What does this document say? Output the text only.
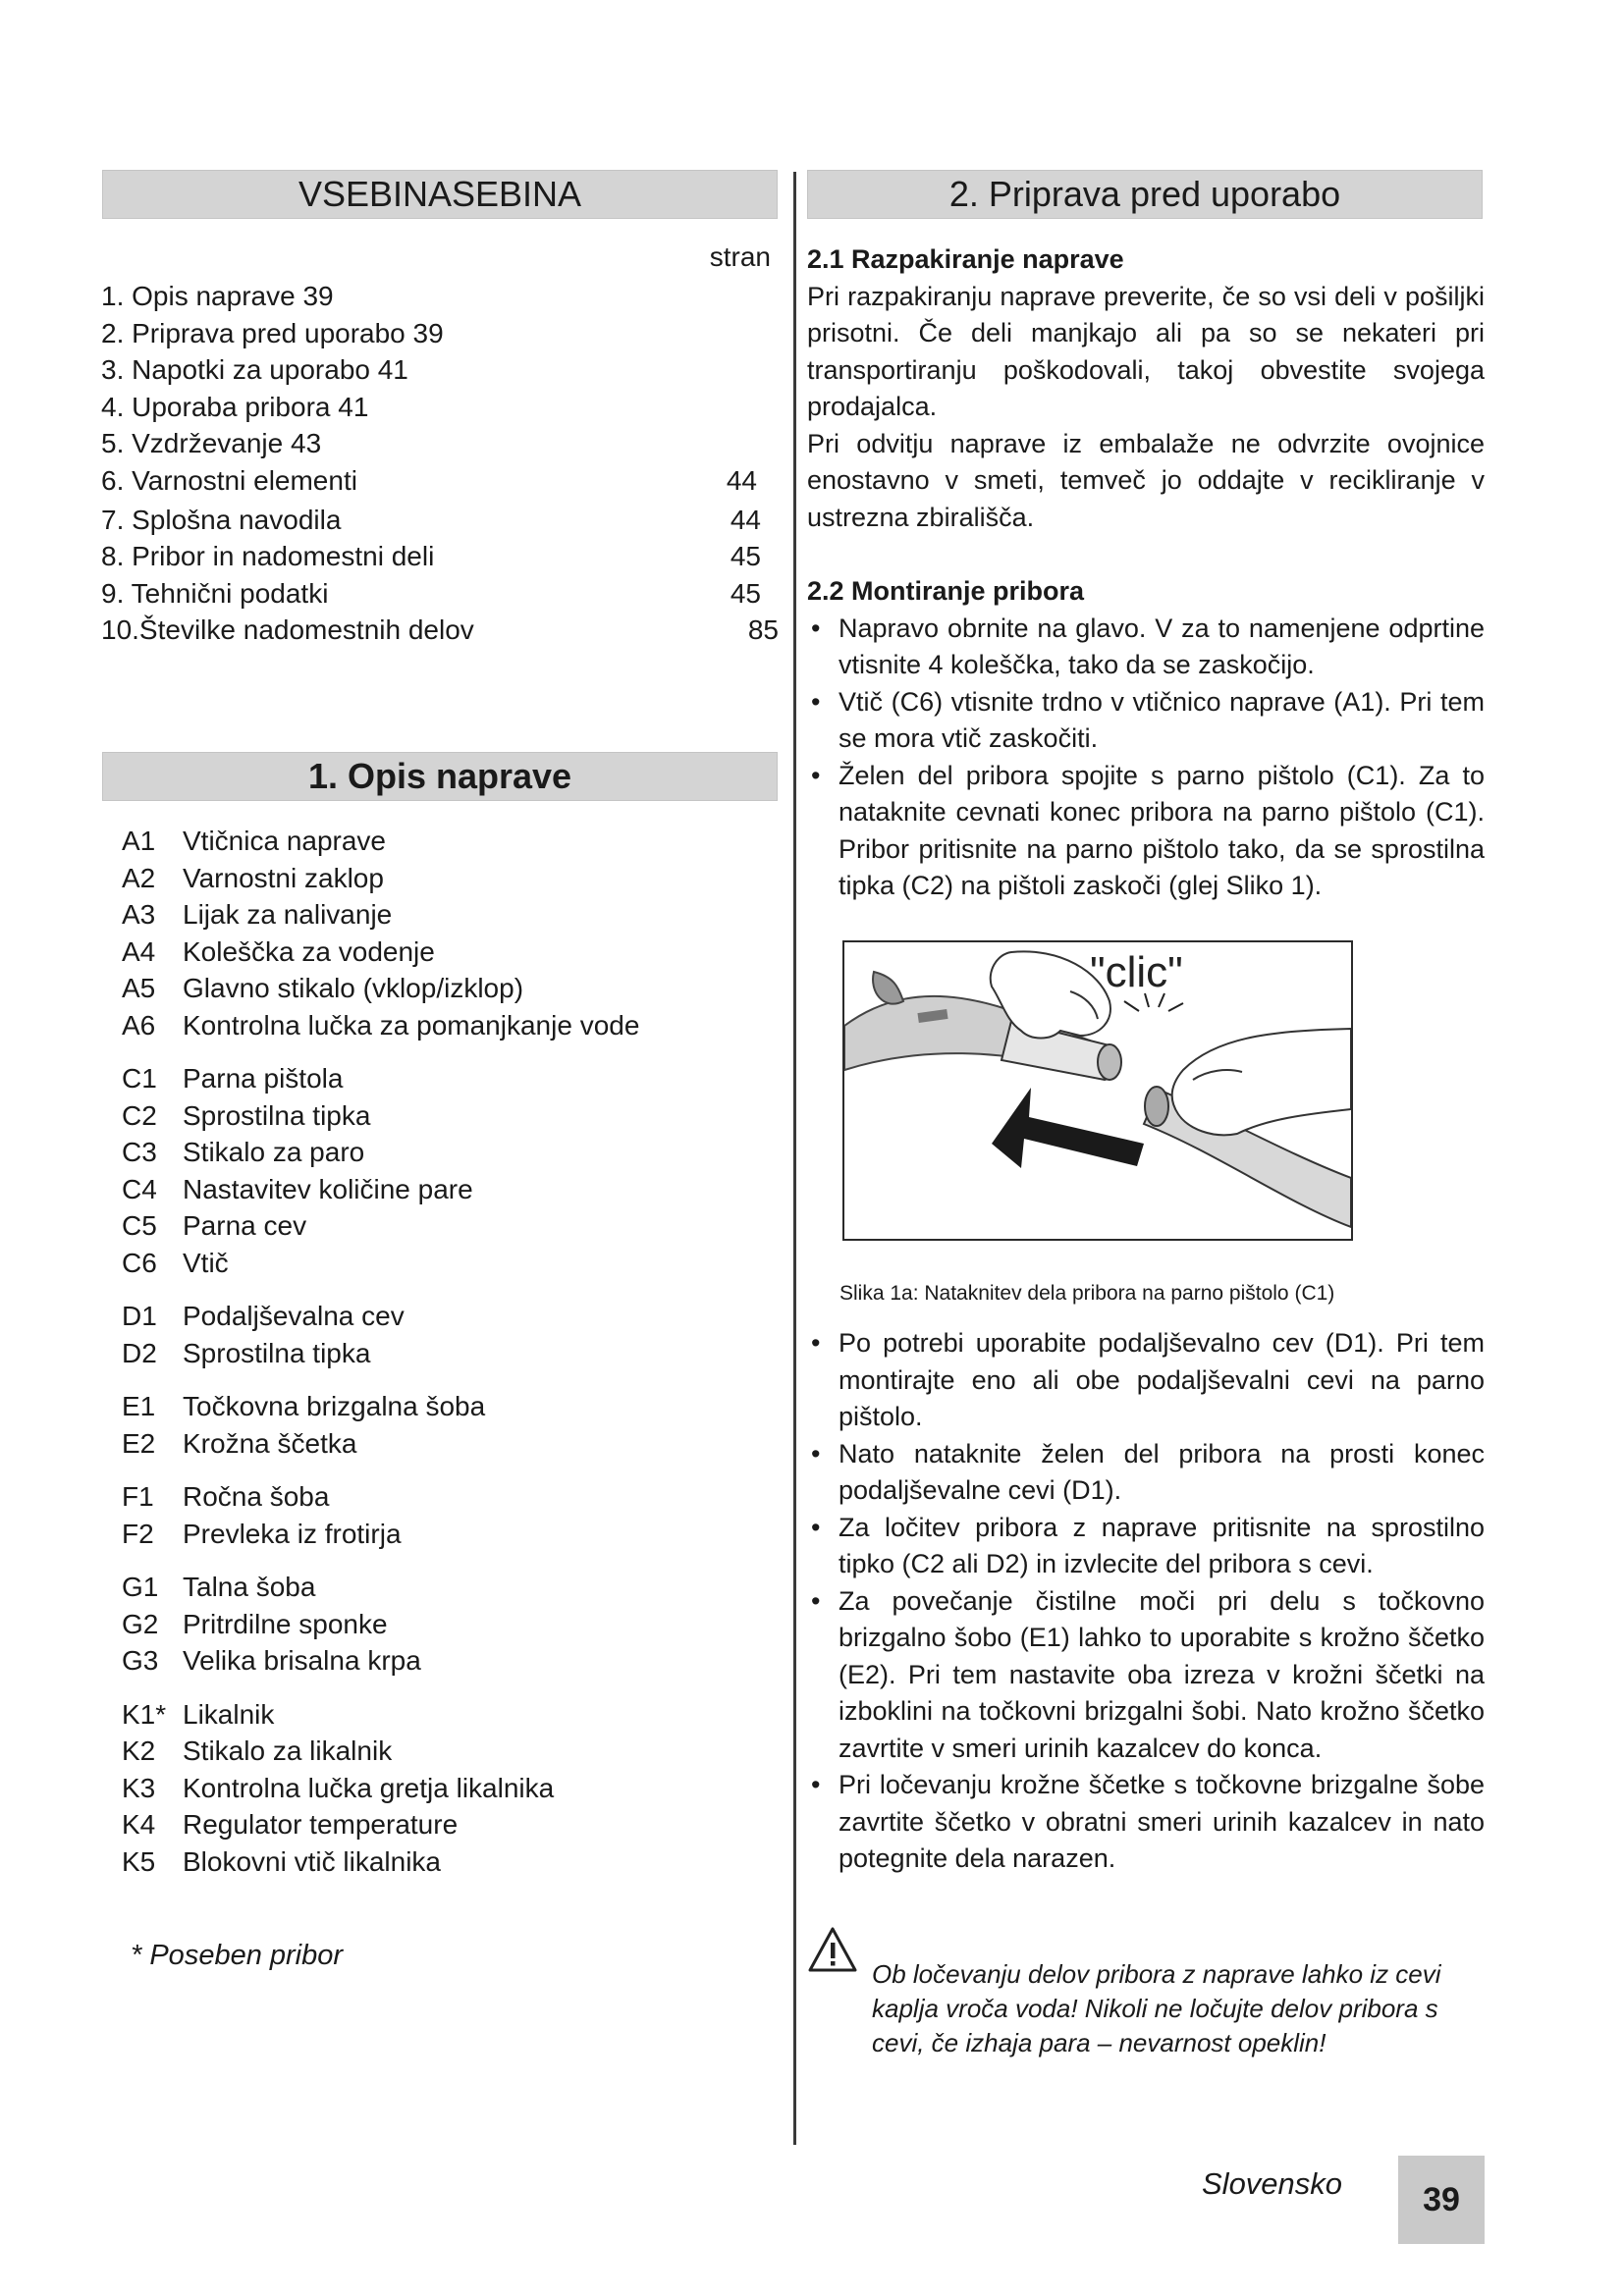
VSEBINASEBINA
stran
1. Opis naprave 39
2. Priprava pred uporabo 39
3. Napotki za uporabo 41
4. Uporaba pribora 41
5. Vzdrževanje 43
6. Varnostni elementi	44
7. Splošna navodila	44
8. Pribor in nadomestni deli	45
9. Tehnični podatki	45
10.Številke nadomestnih delov	85
1. Opis naprave
A1 Vtičnica naprave
A2 Varnostni zaklop
A3 Lijak za nalivanje
A4 Koleščka za vodenje
A5 Glavno stikalo (vklop/izklop)
A6 Kontrolna lučka za pomanjkanje vode
C1 Parna pištola
C2 Sprostilna tipka
C3 Stikalo za paro
C4 Nastavitev količine pare
C5 Parna cev
C6 Vtič
D1 Podaljševalna cev
D2 Sprostilna tipka
E1 Točkovna brizgalna šoba
E2 Krožna ščetka
F1 Ročna šoba
F2 Prevleka iz frotirja
G1 Talna šoba
G2 Pritrdilne sponke
G3 Velika brisalna krpa
K1* Likalnik
K2 Stikalo za likalnik
K3 Kontrolna lučka gretja likalnika
K4 Regulator temperature
K5 Blokovni vtič likalnika
* Poseben pribor
2. Priprava pred uporabo
2.1 Razpakiranje naprave

Pri razpakiranju naprave preverite, če so vsi deli v pošiljki prisotni. Če deli manjkajo ali pa so se nekateri pri transportiranju poškodovali, takoj obvestite svojega prodajalca.

Pri odvitju naprave iz embalaže ne odvrzite ovojnice enostavno v smeti, temveč jo oddajte v recikliranje v ustrezna zbirališča.

2.2 Montiranje pribora
• Napravo obrnite na glavo. V za to namenjene odprtine vtisnite 4 koleščka, tako da se zaskočijo.
• Vtič (C6) vtisnite trdno v vtičnico naprave (A1). Pri tem se mora vtič zaskočiti.
• Želen del pribora spojite s parno pištolo (C1). Za to nataknite cevnati konec pribora na parno pištolo (C1). Pribor pritisnite na parno pištolo tako, da se sprostilna tipka (C2) na pištoli zaskoči (glej Sliko 1).
"clic"
Slika 1a: Nataknitev dela pribora na parno pištolo (C1)
• Po potrebi uporabite podaljševalno cev (D1). Pri tem montirajte eno ali obe podaljševalni cevi na parno pištolo.
• Nato nataknite želen del pribora na prosti konec podaljševalne cevi (D1).
• Za ločitev pribora z naprave pritisnite na sprostilno tipko (C2 ali D2) in izvlecite del pribora s cevi.
• Za povečanje čistilne moči pri delu s točkovno brizgalno šobo (E1) lahko to uporabite s krožno ščetko (E2). Pri tem nastavite oba izreza v krožni ščetki na izboklini na točkovni brizgalni šobi. Nato krožno ščetko zavrtite v smeri urinih kazalcev do konca.
• Pri ločevanju krožne ščetke s točkovne brizgalne šobe zavrtite ščetko v obratni smeri urinih kazalcev in nato potegnite dela narazen.
Ob ločevanju delov pribora z naprave lahko iz cevi kaplja vroča voda! Nikoli ne ločujte delov pribora s cevi, če izhaja para – nevarnost opeklin!
Slovensko	39
